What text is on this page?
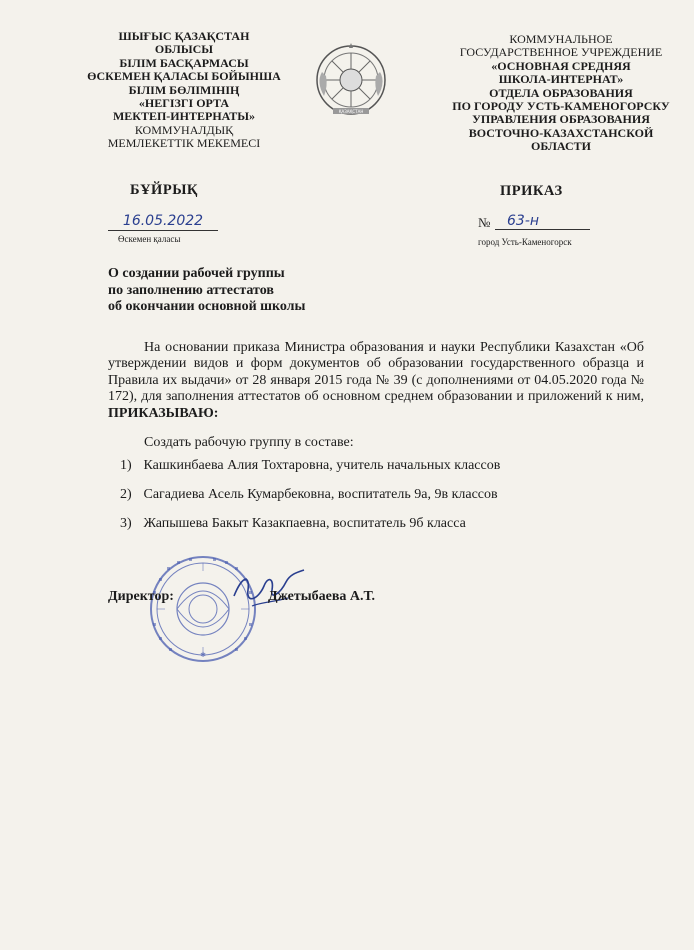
ШЫҒЫС ҚАЗАҚСТАН
ОБЛЫСЫ
БІЛІМ БАСҚАРМАСЫ
ӨСКЕМЕН ҚАЛАСЫ БОЙЫНША
БІЛІМ БӨЛІМІНІҢ
«НЕГІЗГІ ОРТА
МЕКТЕП-ИНТЕРНАТЫ»
КОММУНАЛДЫҚ
МЕМЛЕКЕТТІК МЕКЕМЕСІ
ҚАЗАҚСТАН
КОММУНАЛЬНОЕ
ГОСУДАРСТВЕННОЕ УЧРЕЖДЕНИЕ
«ОСНОВНАЯ СРЕДНЯЯ
ШКОЛА-ИНТЕРНАТ»
ОТДЕЛА ОБРАЗОВАНИЯ
ПО ГОРОДУ УСТЬ-КАМЕНОГОРСКУ
УПРАВЛЕНИЯ ОБРАЗОВАНИЯ
ВОСТОЧНО-КАЗАХСТАНСКОЙ
ОБЛАСТИ
БҰЙРЫҚ	ПРИКАЗ
16.05.2022
Өскемен қаласы
№	63-н
город Усть-Каменогорск
О создании рабочей группы
по заполнению аттестатов
об окончании основной школы
На основании приказа Министра образования и науки Республики Казахстан «Об утверждении видов и форм документов об образовании государственного образца и Правила их выдачи» от 28 января 2015 года № 39 (с дополнениями от 04.05.2020 года № 172), для заполнения аттестатов об основном среднем образовании и приложений к ним, ПРИКАЗЫВАЮ:
Создать рабочую группу в составе:
1) Кашкинбаева Алия Тохтаровна, учитель начальных классов
2) Сагадиева Асель Кумарбековна, воспитатель 9а, 9в классов
3) Жапышева Бакыт Казакпаевна, воспитатель 9б класса
✱
Директор:	Джетыбаева А.Т.
